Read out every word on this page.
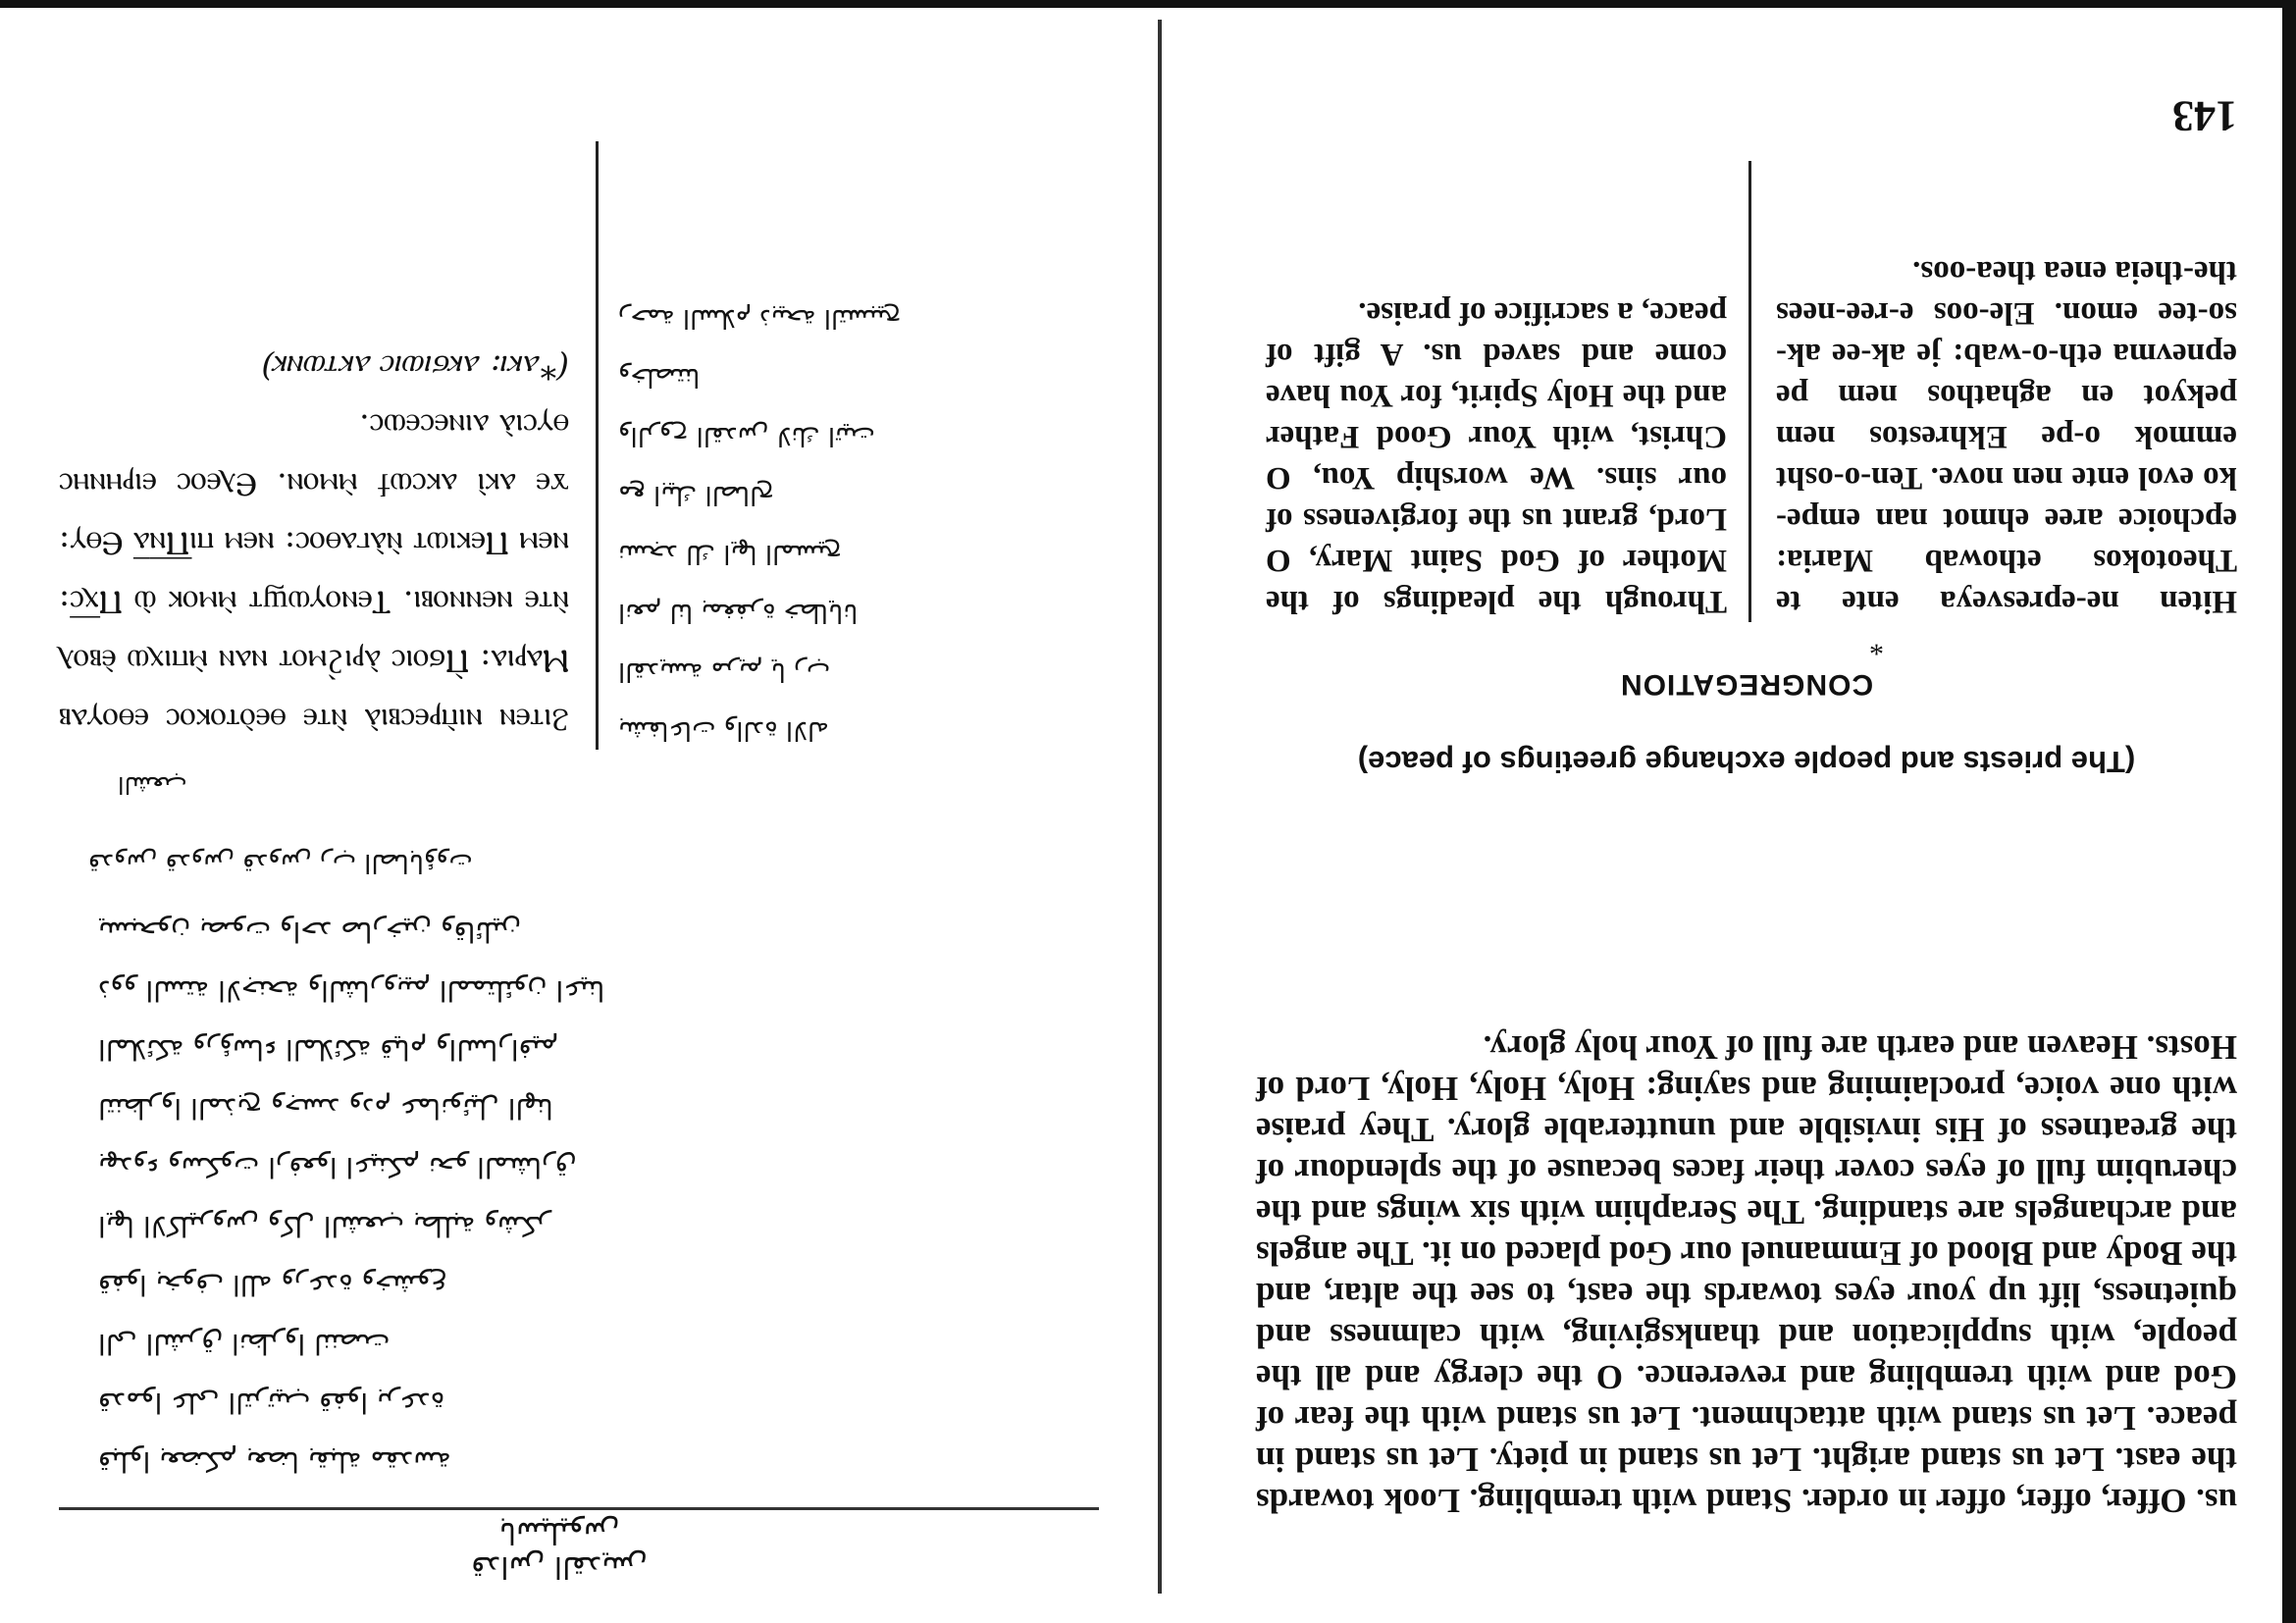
us. Offer, offer, offer in order. Stand with trembling. Look towards the east. Let us stand aright. Let us stand in piety. Let us stand in peace. Let us stand with attachment. Let us stand with the fear of God and with trembling and reverence. O the clergy and all the people, with supplication and thanksgiving, with calmness and quietness, lift up your eyes towards the east, to see the altar, and the Body and Blood of Emmanuel our God placed on it. The angels and archangels are standing. The Seraphim with six wings and the cherubim full of eyes cover their faces because of the splendour of the greatness of His invisible and unutterable glory. They praise with one voice, proclaiming and saying: Holy, Holy, Holy, Lord of Hosts. Heaven and earth are full of Your holy glory.
(The priests and people exchange greetings of peace)
CONGREGATION
*
Hiten ne-epresveya ente te Theotokos ethowab Maria: epchoice aree ehmot nan empe-ko evol ente nen nove. Ten-o-osht emmok o-pe Ekhrestos nem pekyot en aghathos nem pe epnevma eth-o-wab: je ak-ee ak-so-tee emon. Ele-oos e-ree-nees the-theia enea thea-oos.
Through the pleadings of the Mother of God Saint Mary, O Lord, grant us the forgiveness of our sins. We worship You, O Christ, with Your Good Father and the Holy Spirit, for You have come and saved us. A gift of peace, a sacrifice of praise.
143
قداس القديس باسيليوس
قبلوا بعضكم بعضا بقبلة مقدسة
قدموا على الترتيب قفوا برعدة
الى الشرق انظروا لننصت
قفوا بخوف الله ورعدة وخشوع
ايها الاكليروس وكل الشعب بطلبة وشكر
بهدوء وسكوت ارفعوا اعينكم نحو المشارق
لتنظروا المذبح وجسد ودم عمانوئيل الهنا
الملائكة ورؤساء الملائكة قيام والسارافيم
ذوو الستة الاجنحة والشاروبيم الممتلئون اعينا
يسبحون بصوت واحد صارخين وقائلين
قدوس قدوس قدوس رب الصاباؤوت
الشعب
بشفاعات والدة الاله
القديسة مريم يا رب
انعم لنا بمغفرة خطايانا
نسجد لك ايها المسيح
مع ابيك الصالح
والروح القدس لانك اتيت
وخلصتنا
رحمة السلام ذبيحة التسبيح
Ϩⲓⲧⲉⲛ ⲛⲓⲡ̀ⲣⲉⲥⲃⲓⲁ̀ ⲛ̀ⲧⲉ ⲑⲉⲟ̀ⲧⲟⲕⲟⲥ ⲉⲑⲟⲩⲁⲃ Ⲙⲁⲣⲓⲁ: Ⲡ̀ϭⲟⲓⲥ ⲁ̀ⲣⲓϩ̀ⲙⲟⲧ ⲛⲁⲛ ⲙ̀ⲡⲓⲭⲱ ⲉ̀ⲃⲟⲗ ⲛ̀ⲧⲉ ⲛⲉⲛⲛⲟⲃⲓ. Ⲧⲉⲛⲟⲩⲱϣⲧ ⲙ̀ⲙⲟⲕ ⲱ̀ Ⲡⲭ̅ⲥ̅: ⲛⲉⲙ Ⲡⲉⲕⲓⲱⲧ ⲛ̀ⲁ̀ⲅⲁⲑⲟⲥ: ⲛⲉⲙ ⲡⲓⲠ̅ⲛ̅ⲁ̅ Ⲉⲑⲩ: ϫⲉ ⲁⲕⲓ̀ ⲁⲕⲥⲱϯ ⲙ̀ⲙⲟⲛ. Ⲉⲗⲉⲟⲥ ⲉⲓⲣⲏⲛⲏⲥ ⲑⲩⲥⲓⲁ̀ ⲁⲓⲛⲉⲥⲉⲱⲥ.
(*ⲁⲕⲓ: ⲁⲕϭⲓⲱⲓⲥ ⲁⲕⲧⲱⲛⲕ)
